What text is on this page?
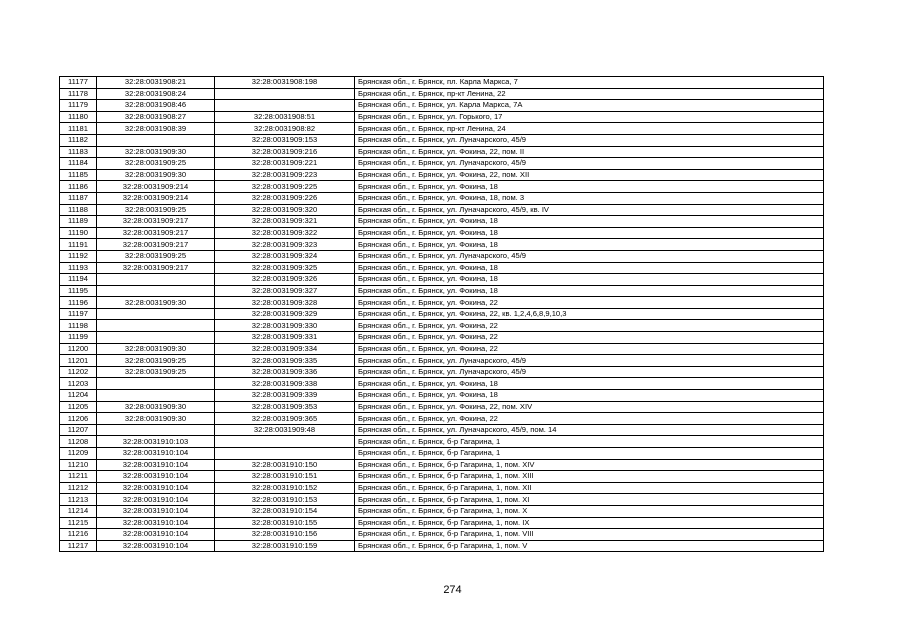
11177	32:28:0031908:21	32:28:0031908:198	Брянская обл., г. Брянск, пл. Карла Маркса, 7
11178	32:28:0031908:24		Брянская обл., г. Брянск, пр-кт Ленина, 22
11179	32:28:0031908:46		Брянская обл., г. Брянск, ул. Карла Маркса, 7А
11180	32:28:0031908:27	32:28:0031908:51	Брянская обл., г. Брянск, ул. Горького, 17
11181	32:28:0031908:39	32:28:0031908:82	Брянская обл., г. Брянск, пр-кт Ленина, 24
11182		32:28:0031909:153	Брянская обл., г. Брянск, ул. Луначарского, 45/9
11183	32:28:0031909:30	32:28:0031909:216	Брянская обл., г. Брянск, ул. Фокина, 22, пом. II
11184	32:28:0031909:25	32:28:0031909:221	Брянская обл., г. Брянск, ул. Луначарского, 45/9
11185	32:28:0031909:30	32:28:0031909:223	Брянская обл., г. Брянск, ул. Фокина, 22, пом. XII
11186	32:28:0031909:214	32:28:0031909:225	Брянская обл., г. Брянск, ул. Фокина, 18
11187	32:28:0031909:214	32:28:0031909:226	Брянская обл., г. Брянск, ул. Фокина, 18, пом. 3
11188	32:28:0031909:25	32:28:0031909:320	Брянская обл., г. Брянск, ул. Луначарского, 45/9, кв. IV
11189	32:28:0031909:217	32:28:0031909:321	Брянская обл., г. Брянск, ул. Фокина, 18
11190	32:28:0031909:217	32:28:0031909:322	Брянская обл., г. Брянск, ул. Фокина, 18
11191	32:28:0031909:217	32:28:0031909:323	Брянская обл., г. Брянск, ул. Фокина, 18
11192	32:28:0031909:25	32:28:0031909:324	Брянская обл., г. Брянск, ул. Луначарского, 45/9
11193	32:28:0031909:217	32:28:0031909:325	Брянская обл., г. Брянск, ул. Фокина, 18
11194		32:28:0031909:326	Брянская обл., г. Брянск, ул. Фокина, 18
11195		32:28:0031909:327	Брянская обл., г. Брянск, ул. Фокина, 18
11196	32:28:0031909:30	32:28:0031909:328	Брянская обл., г. Брянск, ул. Фокина, 22
11197		32:28:0031909:329	Брянская обл., г. Брянск, ул. Фокина, 22, кв. 1,2,4,6,8,9,10,3
11198		32:28:0031909:330	Брянская обл., г. Брянск, ул. Фокина, 22
11199		32:28:0031909:331	Брянская обл., г. Брянск, ул. Фокина, 22
11200	32:28:0031909:30	32:28:0031909:334	Брянская обл., г. Брянск, ул. Фокина, 22
11201	32:28:0031909:25	32:28:0031909:335	Брянская обл., г. Брянск, ул. Луначарского, 45/9
11202	32:28:0031909:25	32:28:0031909:336	Брянская обл., г. Брянск, ул. Луначарского, 45/9
11203		32:28:0031909:338	Брянская обл., г. Брянск, ул. Фокина, 18
11204		32:28:0031909:339	Брянская обл., г. Брянск, ул. Фокина, 18
11205	32:28:0031909:30	32:28:0031909:353	Брянская обл., г. Брянск, ул. Фокина, 22, пом. XIV
11206	32:28:0031909:30	32:28:0031909:365	Брянская обл., г. Брянск, ул. Фокина, 22
11207		32:28:0031909:48	Брянская обл., г. Брянск, ул. Луначарского, 45/9, пом. 14
11208	32:28:0031910:103		Брянская обл., г. Брянск, б-р Гагарина, 1
11209	32:28:0031910:104		Брянская обл., г. Брянск, б-р Гагарина, 1
11210	32:28:0031910:104	32:28:0031910:150	Брянская обл., г. Брянск, б-р Гагарина, 1, пом. XIV
11211	32:28:0031910:104	32:28:0031910:151	Брянская обл., г. Брянск, б-р Гагарина, 1, пом. XIII
11212	32:28:0031910:104	32:28:0031910:152	Брянская обл., г. Брянск, б-р Гагарина, 1, пом. XII
11213	32:28:0031910:104	32:28:0031910:153	Брянская обл., г. Брянск, б-р Гагарина, 1, пом. XI
11214	32:28:0031910:104	32:28:0031910:154	Брянская обл., г. Брянск, б-р Гагарина, 1, пом. X
11215	32:28:0031910:104	32:28:0031910:155	Брянская обл., г. Брянск, б-р Гагарина, 1, пом. IX
11216	32:28:0031910:104	32:28:0031910:156	Брянская обл., г. Брянск, б-р Гагарина, 1, пом. VIII
11217	32:28:0031910:104	32:28:0031910:159	Брянская обл., г. Брянск, б-р Гагарина, 1, пом. V
274
